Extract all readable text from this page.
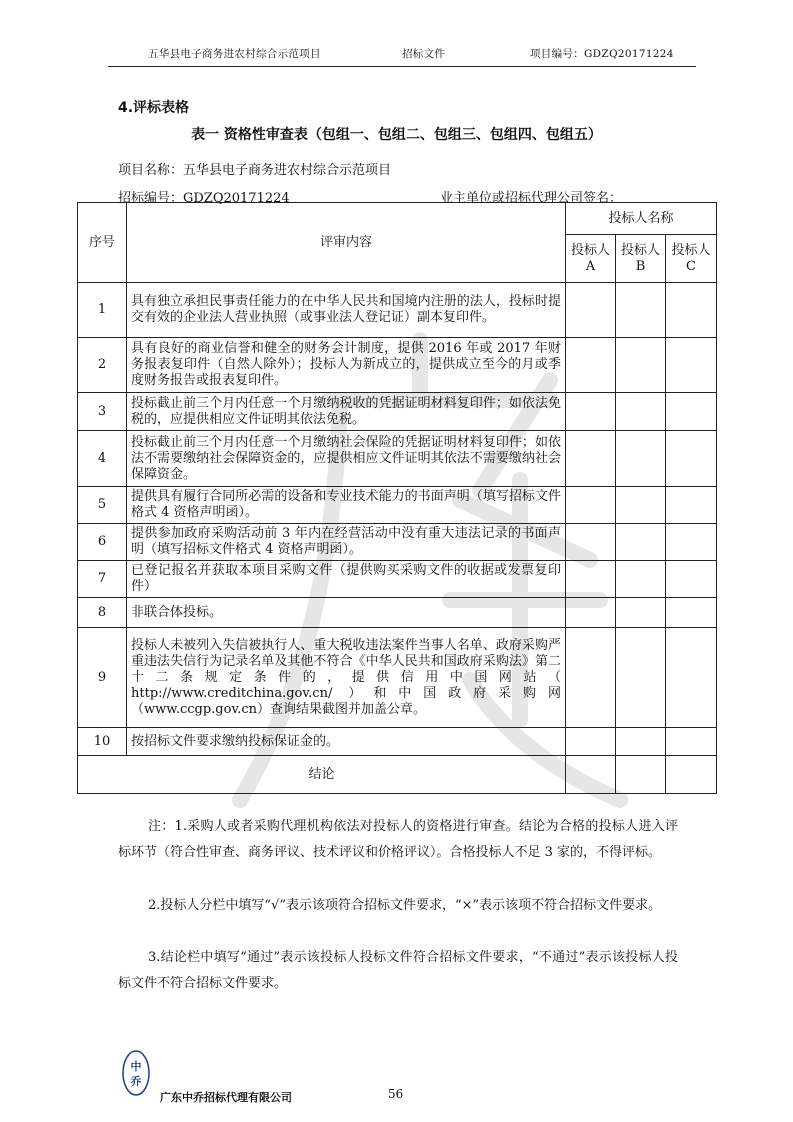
五华县电子商务进农村综合示范项目	招标文件	项目编号：GDZQ20171224
4.评标表格
表一 资格性审查表（包组一、包组二、包组三、包组四、包组五）
项目名称：五华县电子商务进农村综合示范项目
招标编号：GDZQ20171224	业主单位或招标代理公司签名：
序号	评审内容	投标人名称		
		投标人 A	投标人 B	投标人 C
1	具有独立承担民事责任能力的在中华人民共和国境内注册的法人，投标时提交有效的企业法人营业执照（或事业法人登记证）副本复印件。			
2	具有良好的商业信誉和健全的财务会计制度，提供 2016 年或 2017 年财务报表复印件（自然人除外）；投标人为新成立的，提供成立至今的月或季度财务报告或报表复印件。			
3	投标截止前三个月内任意一个月缴纳税收的凭据证明材料复印件；如依法免税的，应提供相应文件证明其依法免税。			
4	投标截止前三个月内任意一个月缴纳社会保险的凭据证明材料复印件；如依法不需要缴纳社会保障资金的，应提供相应文件证明其依法不需要缴纳社会保障资金。			
5	提供具有履行合同所必需的设备和专业技术能力的书面声明（填写招标文件格式 4 资格声明函）。			
6	提供参加政府采购活动前 3 年内在经营活动中没有重大违法记录的书面声明（填写招标文件格式 4 资格声明函）。			
7	已登记报名并获取本项目采购文件（提供购买采购文件的收据或发票复印件）			
8	非联合体投标。			
9	投标人未被列入失信被执行人、重大税收违法案件当事人名单、政府采购严重违法失信行为记录名单及其他不符合《中华人民共和国政府采购法》第二十二条规定条件的，提供信用中国网站（ http://www.creditchina.gov.cn/ ）和中国政府采购网（www.ccgp.gov.cn）查询结果截图并加盖公章。			
10	按招标文件要求缴纳投标保证金的。			
结论				
注：1.采购人或者采购代理机构依法对投标人的资格进行审查。结论为合格的投标人进入评标环节（符合性审查、商务评议、技术评议和价格评议）。合格投标人不足 3 家的，不得评标。
2.投标人分栏中填写“√”表示该项符合招标文件要求，“×”表示该项不符合招标文件要求。
3.结论栏中填写“通过”表示该投标人投标文件符合招标文件要求，“不通过”表示该投标人投标文件不符合招标文件要求。
中
乔
广东中乔招标代理有限公司	56
